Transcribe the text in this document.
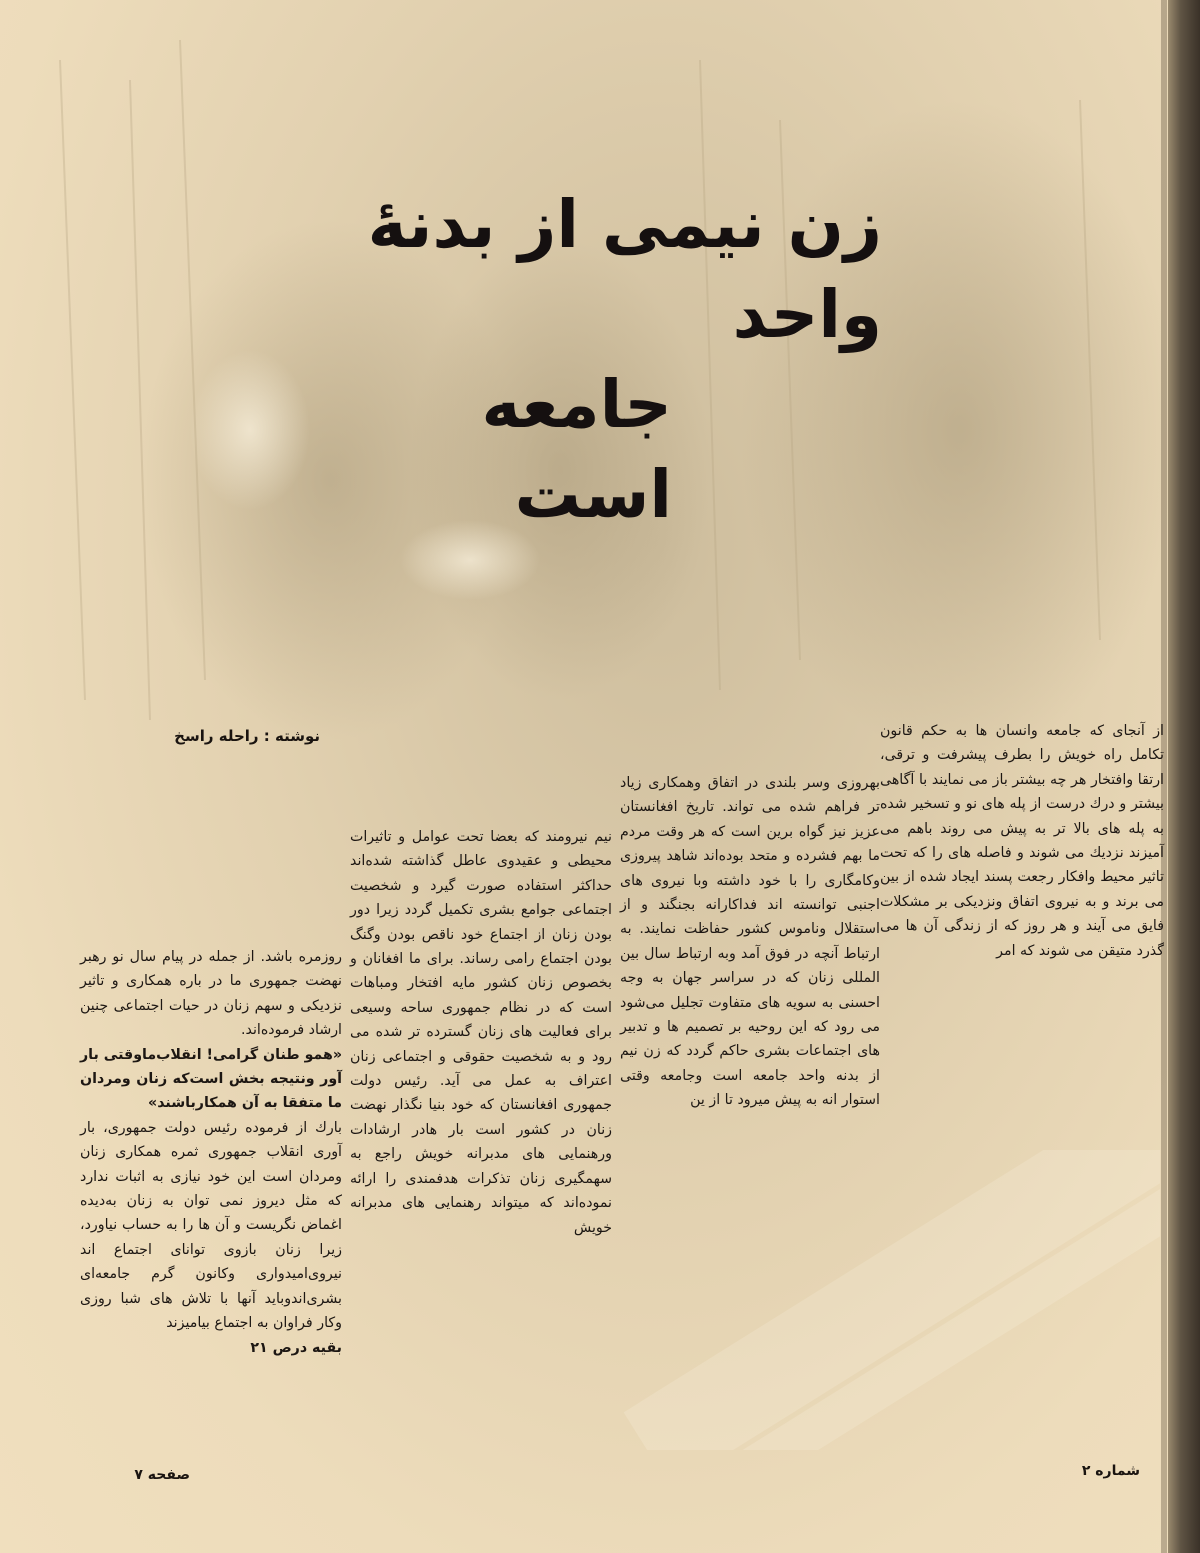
زن نیمی از بدنهٔ واحد
جامعه است
نوشته : راحله راسخ	از آنجای که جامعه وانسان ها به حکم قانون تکامل راه خویش را بطرف پیشرفت و ترقی، ارتقا وافتخار هر چه بیشتر باز می نمایند با آگاهی بیشتر و درك درست از پله های نو و تسخیر شده به پله های بالا تر به پیش می روند باهم می آمیزند نزدیك می شوند و فاصله های را که تحت تاثیر محیط وافکار رجعت پسند ایجاد شده از بین می برند و به نیروی اتفاق ونزدیکی بر مشکلات فایق می آیند و هر روز که از زندگی آن ها می گذرد متیقن می شوند که امر

بهروزی وسر بلندی در اتفاق وهمکاری زیاد تر فراهم شده می تواند. تاریخ افغانستان عزیز نیز گواه برین است که هر وقت مردم ما بهم فشرده و متحد بوده‌اند شاهد پیروزی وکامگاری را با خود داشته وبا نیروی های اجنبی توانسته اند فداکارانه بجنگند و از استقلال وناموس کشور حفاظت نمایند. به ارتباط آنچه در فوق آمد وبه ارتباط سال بین المللی زنان که در سراسر جهان به وجه احسنی به سویه های متفاوت تجلیل می‌شود می رود که این روحیه بر تصمیم ها و تدبیر های اجتماعات بشری حاکم گردد که زن نیم از بدنه واحد جامعه است وجامعه وقتی استوار انه به پیش میرود تا از ین

نیم نیرومند که بعضا تحت عوامل و تاثیرات محیطی و عقیدوی عاطل گذاشته شده‌اند حداکثر استفاده صورت گیرد و شخصیت اجتماعی جوامع بشری تکمیل گردد زیرا دور بودن زنان از اجتماع خود ناقص بودن وگنگ بودن اجتماع رامی رساند. برای ما افغانان و بخصوص زنان کشور مایه افتخار ومباهات است که در نظام جمهوری ساحه وسیعی برای فعالیت های زنان گسترده تر شده می رود و به شخصیت حقوقی و اجتماعی زنان اعتراف به عمل می آید. رئیس دولت جمهوری افغانستان که خود بنیا نگذار نهضت زنان در کشور است بار هادر ارشادات ورهنمایی های مدبرانه خویش راجع به سهمگیری زنان تذکرات هدفمندی را ارائه نموده‌اند که میتواند رهنمایی های مدبرانه خویش

روزمره باشد. از جمله در پیام سال نو رهبر نهضت جمهوری ما در باره همکاری و تاثیر نزدیکی و سهم زنان در حیات اجتماعی چنین ارشاد فرموده‌اند.

«همو طنان گرامی! انقلاب‌ماوقتی بار آور ونتیجه بخش است‌که زنان ومردان ما متفقا به آن همکارباشند»

بارك از فرموده رئیس دولت جمهوری، بار آوری انقلاب جمهوری ثمره همکاری زنان ومردان است این خود نیازی به اثبات ندارد که مثل دیروز نمی توان به زنان به‌دیده اغماض نگریست و آن ها را به حساب نیاورد، زیرا زنان بازوی توانای اجتماع اند نیروی‌امیدواری وکانون گرم جامعه‌ای بشری‌اندوباید آنها با تلاش های شبا روزی وکار فراوان به اجتماع بیامیزند

بقیه درص ۲۱

صفحه ۷	شماره ۲
